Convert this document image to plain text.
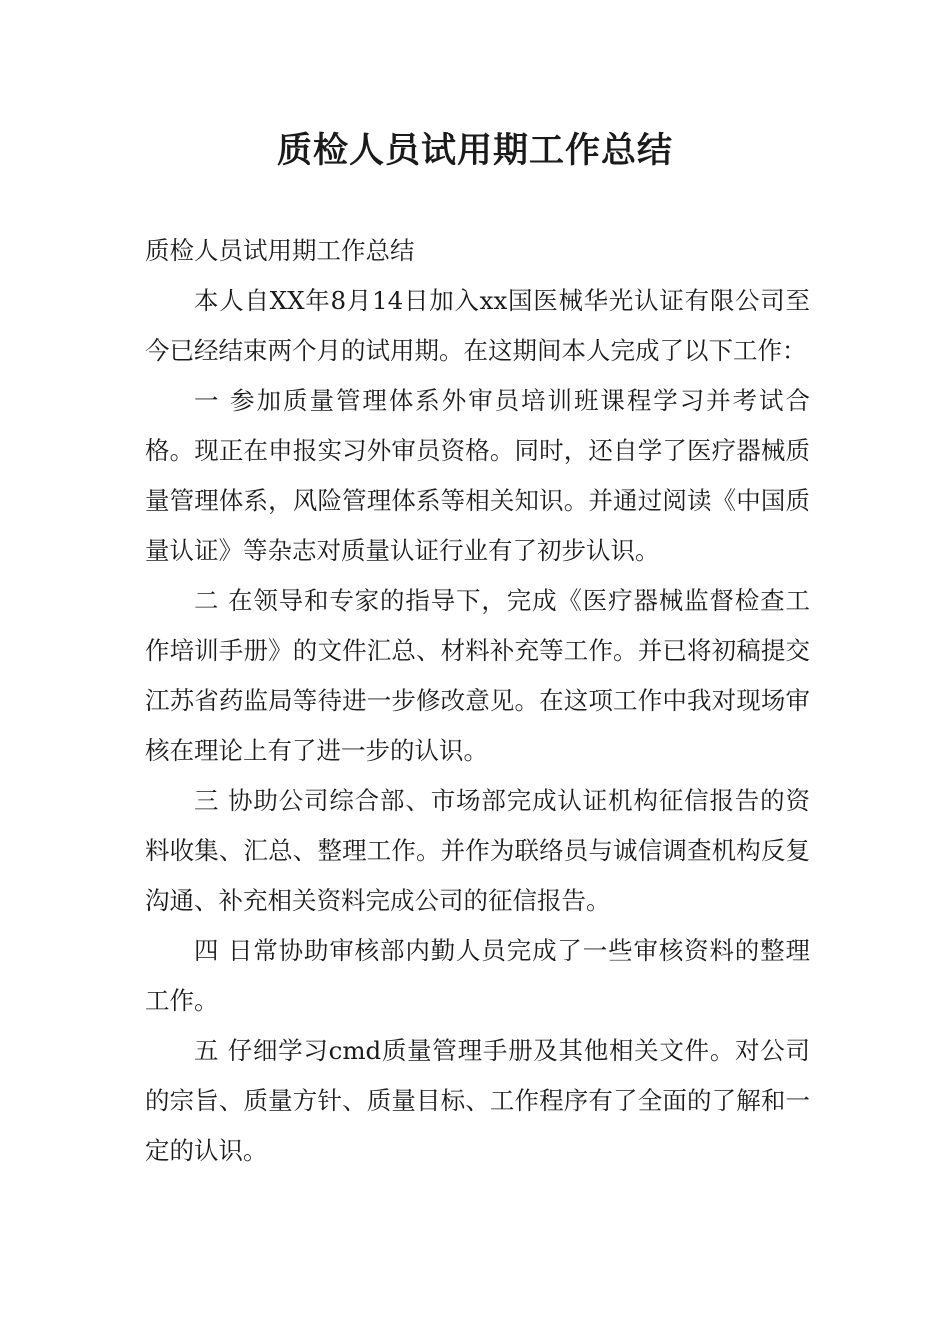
质检人员试用期工作总结

质检人员试用期工作总结

本人自XX年8月14日加入xx国医械华光认证有限公司至今已经结束两个月的试用期。在这期间本人完成了以下工作：

一 参加质量管理体系外审员培训班课程学习并考试合格。现正在申报实习外审员资格。同时，还自学了医疗器械质量管理体系，风险管理体系等相关知识。并通过阅读《中国质量认证》等杂志对质量认证行业有了初步认识。

二 在领导和专家的指导下，完成《医疗器械监督检查工作培训手册》的文件汇总、材料补充等工作。并已将初稿提交江苏省药监局等待进一步修改意见。在这项工作中我对现场审核在理论上有了进一步的认识。

三 协助公司综合部、市场部完成认证机构征信报告的资料收集、汇总、整理工作。并作为联络员与诚信调查机构反复沟通、补充相关资料完成公司的征信报告。

四 日常协助审核部内勤人员完成了一些审核资料的整理工作。

五 仔细学习cmd质量管理手册及其他相关文件。对公司的宗旨、质量方针、质量目标、工作程序有了全面的了解和一定的认识。
